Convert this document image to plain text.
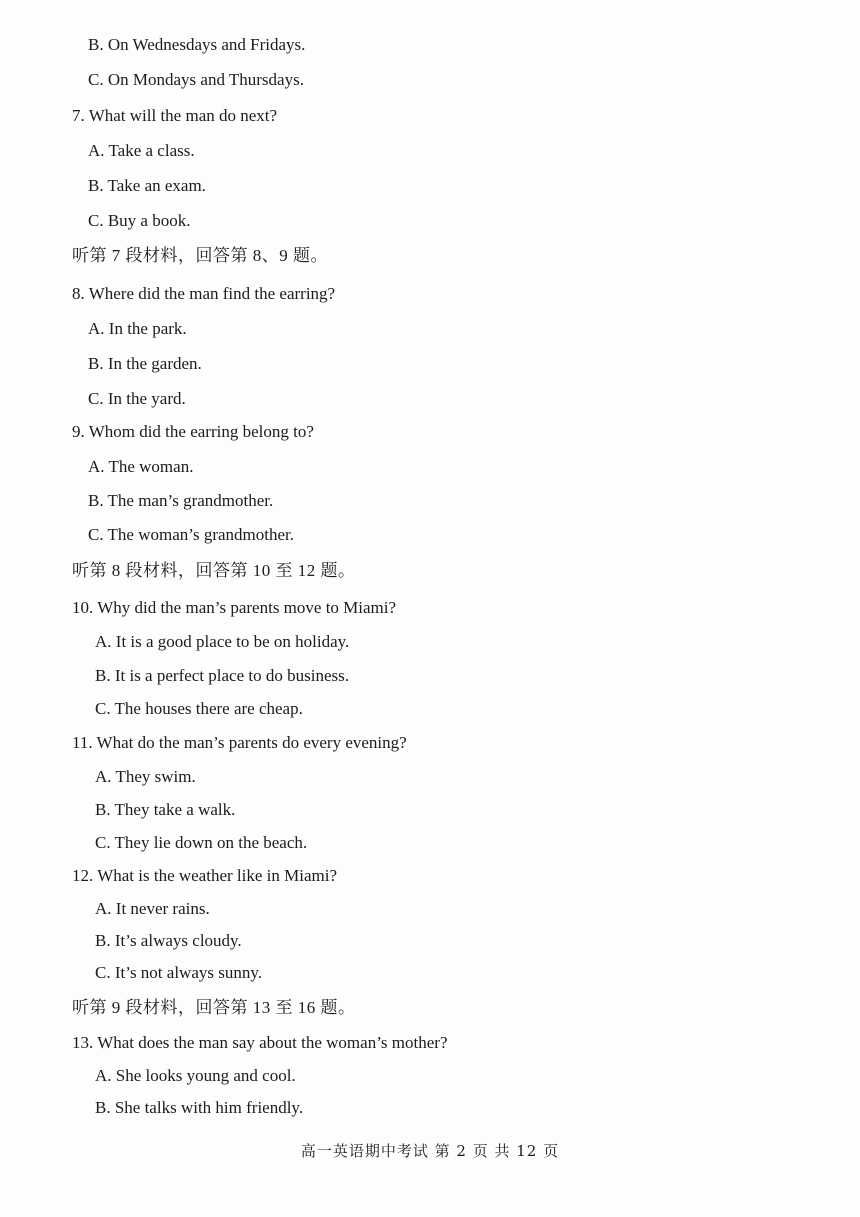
B. On Wednesdays and Fridays.
C. On Mondays and Thursdays.
7. What will the man do next?
A. Take a class.
B. Take an exam.
C. Buy a book.
听第 7 段材料，回答第 8、9 题。
8. Where did the man find the earring?
A. In the park.
B. In the garden.
C. In the yard.
9. Whom did the earring belong to?
A. The woman.
B. The man’s grandmother.
C. The woman’s grandmother.
听第 8 段材料，回答第 10 至 12 题。
10. Why did the man’s parents move to Miami?
A. It is a good place to be on holiday.
B. It is a perfect place to do business.
C. The houses there are cheap.
11. What do the man’s parents do every evening?
A. They swim.
B. They take a walk.
C. They lie down on the beach.
12. What is the weather like in Miami?
A. It never rains.
B. It’s always cloudy.
C. It’s not always sunny.
听第 9 段材料，回答第 13 至 16 题。
13. What does the man say about the woman’s mother?
A. She looks young and cool.
B. She talks with him friendly.
高一英语期中考试 第 2 页 共 12 页
